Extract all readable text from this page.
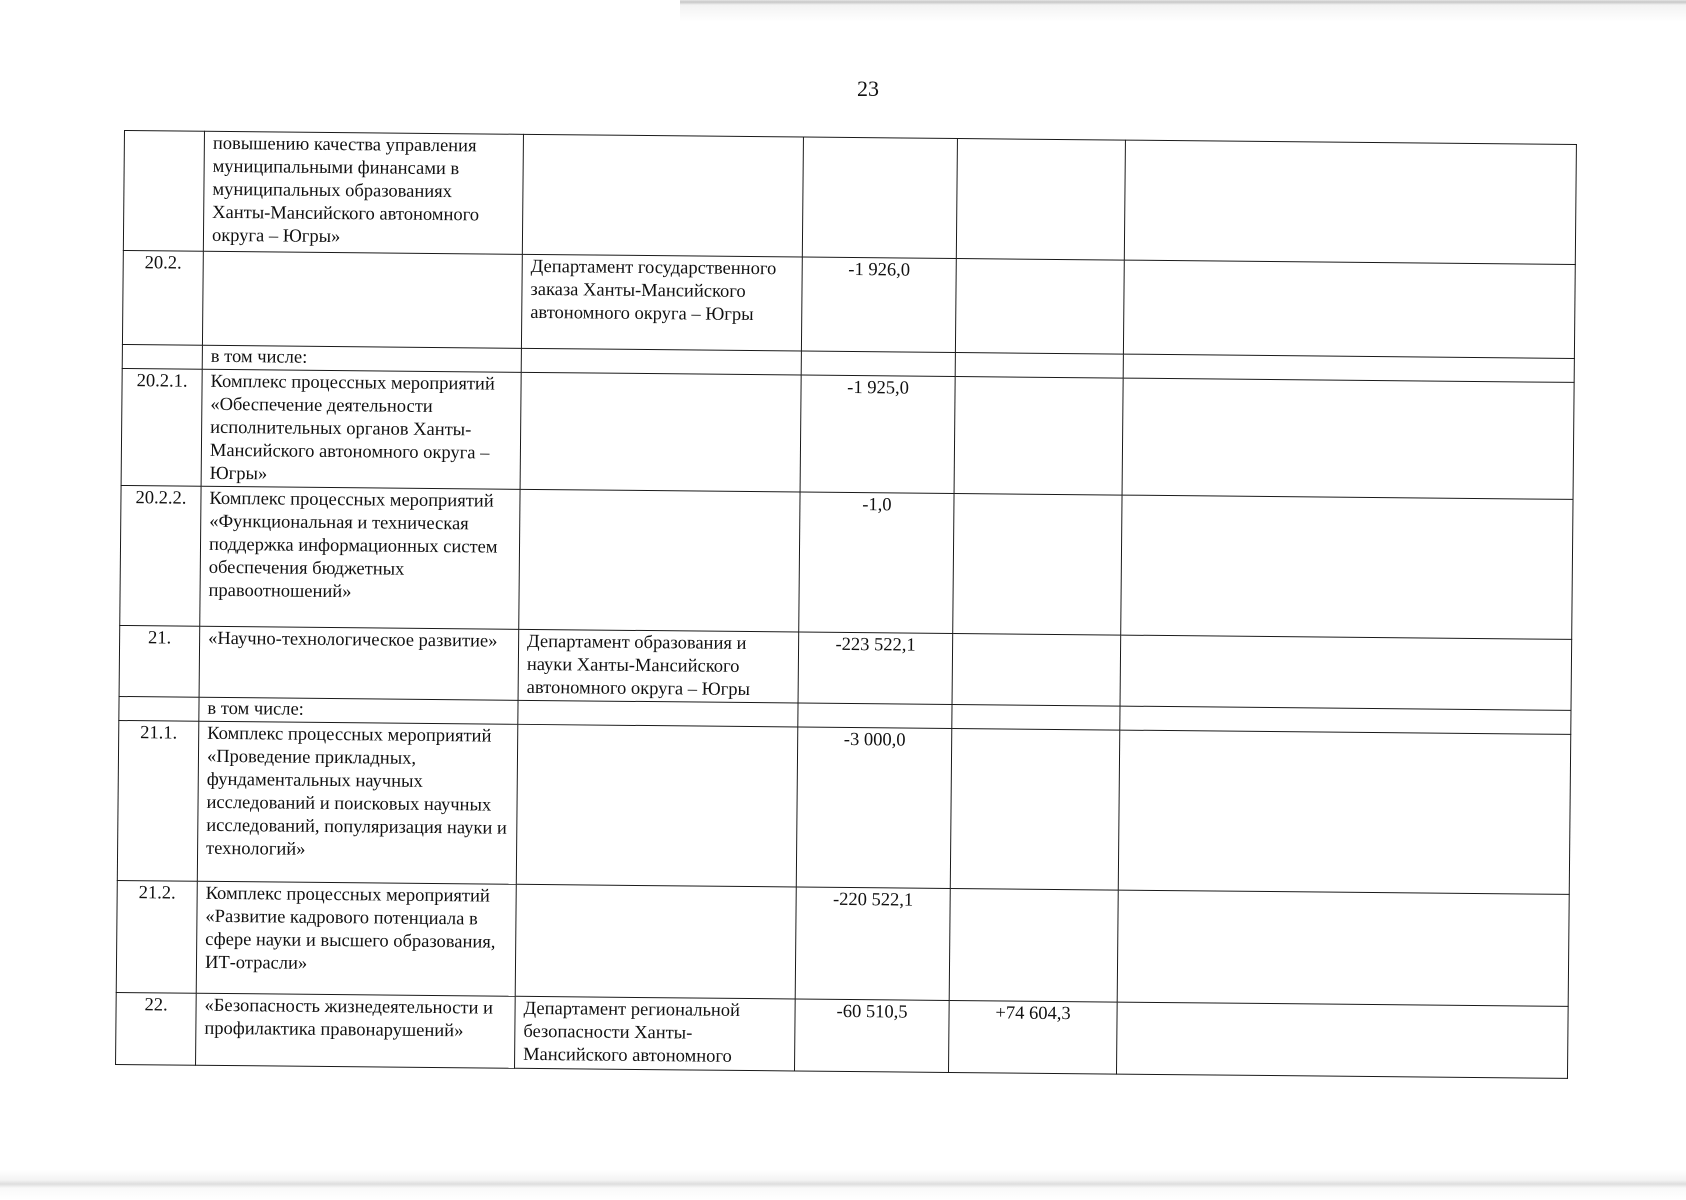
23
	повышению качества управления муниципальными финансами в муниципальных образованиях Ханты-Мансийского автономного округа – Югры»				
20.2.		Департамент государственного заказа Ханты-Мансийского автономного округа – Югры	-1 926,0		
	в том числе:				
20.2.1.	Комплекс процессных мероприятий «Обеспечение деятельности исполнительных органов Ханты-Мансийского автономного округа – Югры»		-1 925,0		
20.2.2.	Комплекс процессных мероприятий «Функциональная и техническая поддержка информационных систем обеспечения бюджетных правоотношений»		-1,0		
21.	«Научно-технологическое развитие»	Департамент образования и науки Ханты-Мансийского автономного округа – Югры	-223 522,1		
	в том числе:				
21.1.	Комплекс процессных мероприятий «Проведение прикладных, фундаментальных научных исследований и поисковых научных исследований, популяризация науки и технологий»		-3 000,0		
21.2.	Комплекс процессных мероприятий «Развитие кадрового потенциала в сфере науки и высшего образования, ИТ-отрасли»		-220 522,1		
22.	«Безопасность жизнедеятельности и профилактика правонарушений»	Департамент региональной безопасности Ханты-Мансийского автономного	-60 510,5	+74 604,3	
